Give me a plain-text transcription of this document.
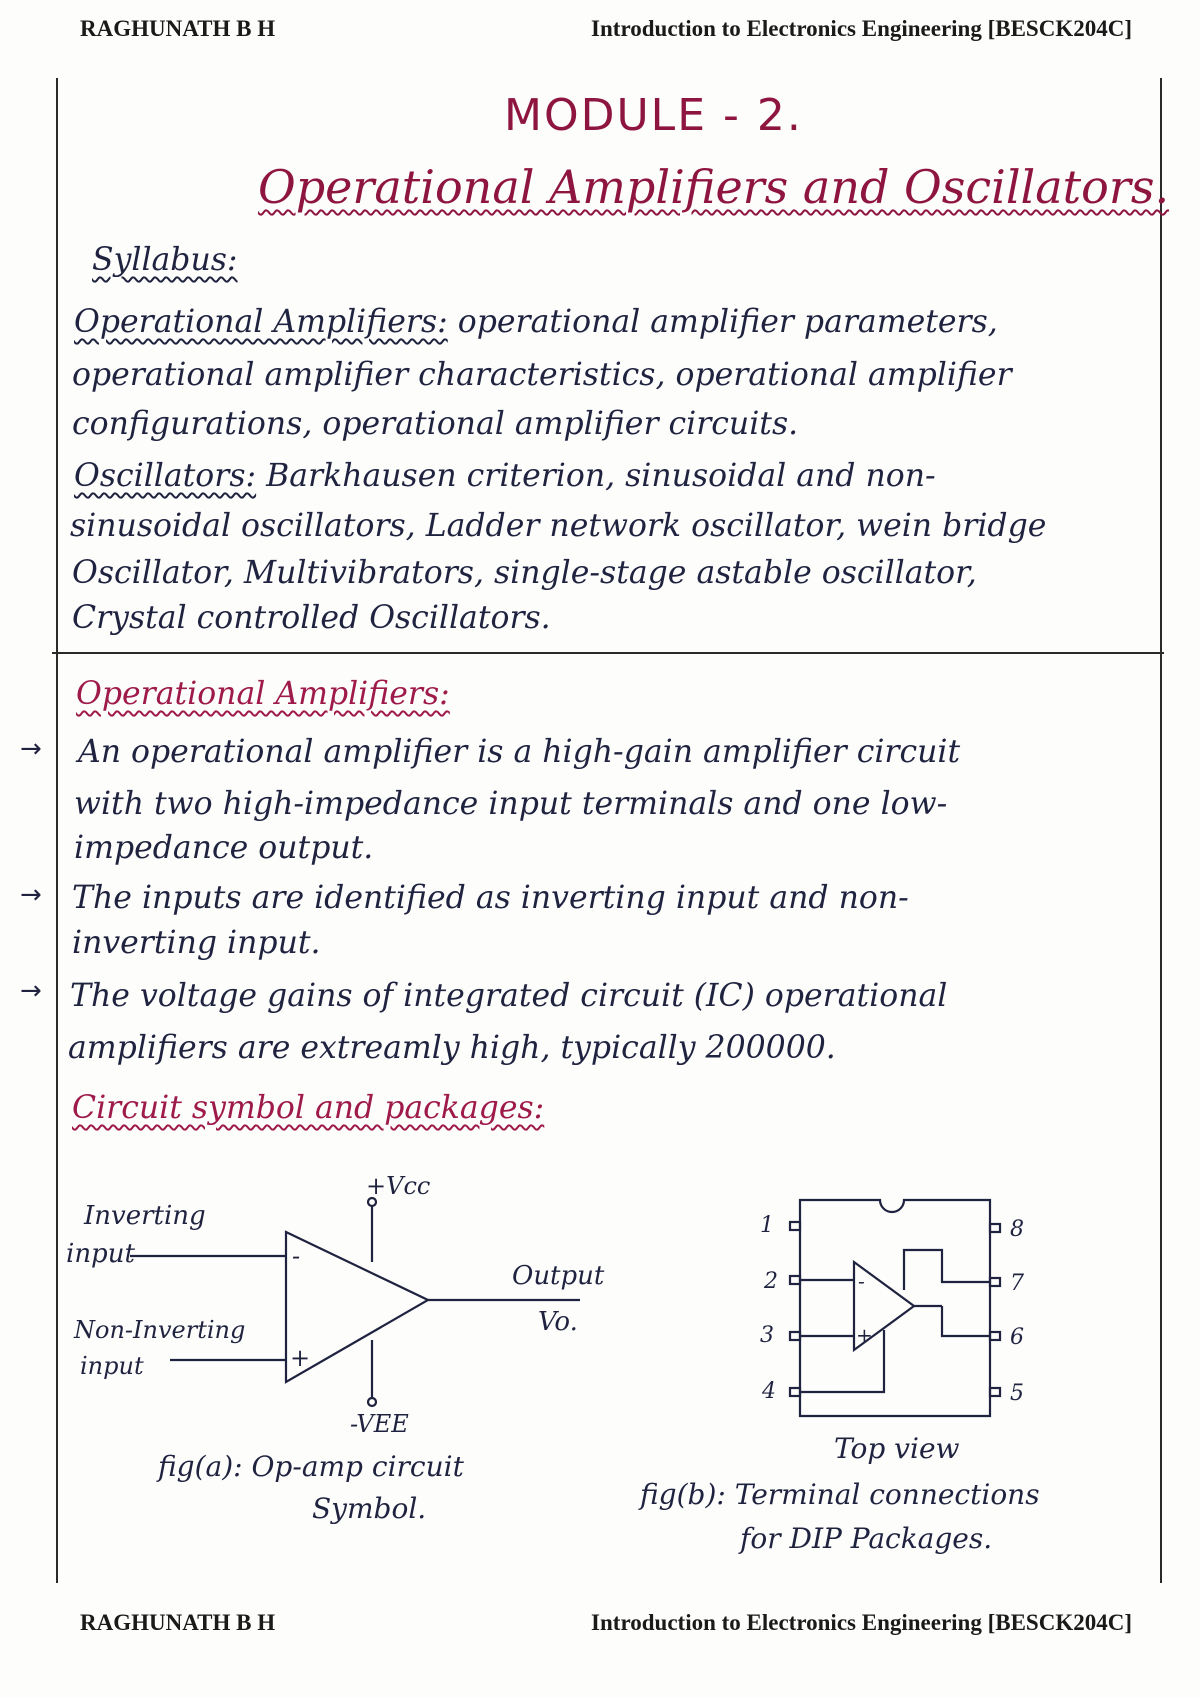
RAGHUNATH B H	Introduction to Electronics Engineering [BESCK204C]
RAGHUNATH B H	Introduction to Electronics Engineering [BESCK204C]
MODULE - 2.
Operational Amplifiers and Oscillators.
Syllabus:
Operational Amplifiers: operational amplifier parameters,
operational amplifier characteristics, operational amplifier
configurations, operational amplifier circuits.
Oscillators: Barkhausen criterion, sinusoidal and non-
sinusoidal oscillators, Ladder network oscillator, wein bridge
Oscillator, Multivibrators, single-stage astable oscillator,
Crystal controlled Oscillators.
Operational Amplifiers:
→ An operational amplifier is a high-gain amplifier circuit
with two high-impedance input terminals and one low-
impedance output.
→ The inputs are identified as inverting input and non-
inverting input.
→ The voltage gains of integrated circuit (IC) operational
amplifiers are extreamly high, typically 200000.
Circuit symbol and packages:
-
+
+Vcc
-VEE
Inverting
input
Non-Inverting
input
Output
Vo.
fig(a): Op-amp circuit
Symbol.
1
2
3
4
8
7
6
5
-
+
Top view
fig(b): Terminal connections
for DIP Packages.
